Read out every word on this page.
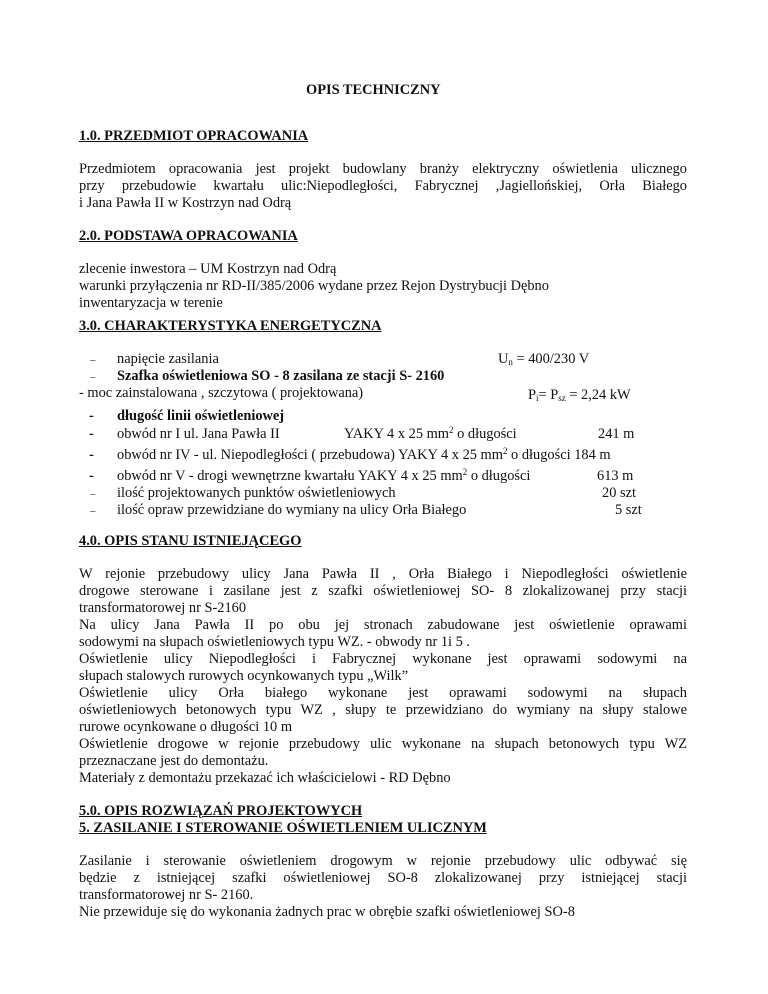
OPIS TECHNICZNY
1.0. PRZEDMIOT OPRACOWANIA
Przedmiotem opracowania jest projekt budowlany branży elektryczny oświetlenia ulicznego
przy przebudowie kwartału ulic:Niepodległości, Fabrycznej ,Jagiellońskiej, Orła Białego
i Jana Pawła II w Kostrzyn nad Odrą
2.0. PODSTAWA OPRACOWANIA
zlecenie inwestora – UM Kostrzyn nad Odrą
warunki przyłączenia nr RD-II/385/2006 wydane przez Rejon Dystrybucji Dębno
inwentaryzacja w terenie
3.0. CHARAKTERYSTYKA ENERGETYCZNA
– napięcie zasilania	$U_n = 400/230$ V
– Szafka oświetleniowa SO - 8 zasilana ze stacji S- 2160
- moc zainstalowana , szczytowa ( projektowana)	$P_i= P_{sz} = 2,24$ kW
- długość linii oświetleniowej
- obwód nr I ul. Jana Pawła II	YAKY 4 x 25 $mm^2$ o długości	241 m
- obwód nr IV - ul. Niepodległości ( przebudowa) YAKY 4 x 25 $mm^2$ o długości 184 m
- obwód nr V - drogi wewnętrzne kwartału YAKY 4 x 25 $mm^2$ o długości	613 m
– ilość projektowanych punktów oświetleniowych	20 szt
– ilość opraw przewidziane do wymiany na ulicy Orła Białego	5 szt
4.0. OPIS STANU ISTNIEJĄCEGO
W rejonie przebudowy ulicy Jana Pawła II , Orła Białego i Niepodległości oświetlenie
drogowe sterowane i zasilane jest z szafki oświetleniowej SO- 8 zlokalizowanej przy stacji
transformatorowej nr S-2160
Na ulicy Jana Pawła II po obu jej stronach zabudowane jest oświetlenie oprawami
sodowymi na słupach oświetleniowych typu WZ. - obwody nr 1i 5 .
Oświetlenie ulicy Niepodległości i Fabrycznej wykonane jest oprawami sodowymi na
słupach stalowych rurowych ocynkowanych typu „Wilk”
Oświetlenie ulicy Orła białego wykonane jest oprawami sodowymi na słupach
oświetleniowych betonowych typu WZ , słupy te przewidziano do wymiany na słupy stalowe
rurowe ocynkowane o długości 10 m
Oświetlenie drogowe w rejonie przebudowy ulic wykonane na słupach betonowych typu WZ
przeznaczane jest do demontażu.
Materiały z demontażu przekazać ich właścicielowi - RD Dębno
5.0. OPIS ROZWIĄZAŃ PROJEKTOWYCH
5. ZASILANIE I STEROWANIE OŚWIETLENIEM ULICZNYM
Zasilanie i sterowanie oświetleniem drogowym w rejonie przebudowy ulic odbywać się
będzie z istniejącej szafki oświetleniowej SO-8 zlokalizowanej przy istniejącej stacji
transformatorowej nr S- 2160.
Nie przewiduje się do wykonania żadnych prac w obrębie szafki oświetleniowej SO-8
